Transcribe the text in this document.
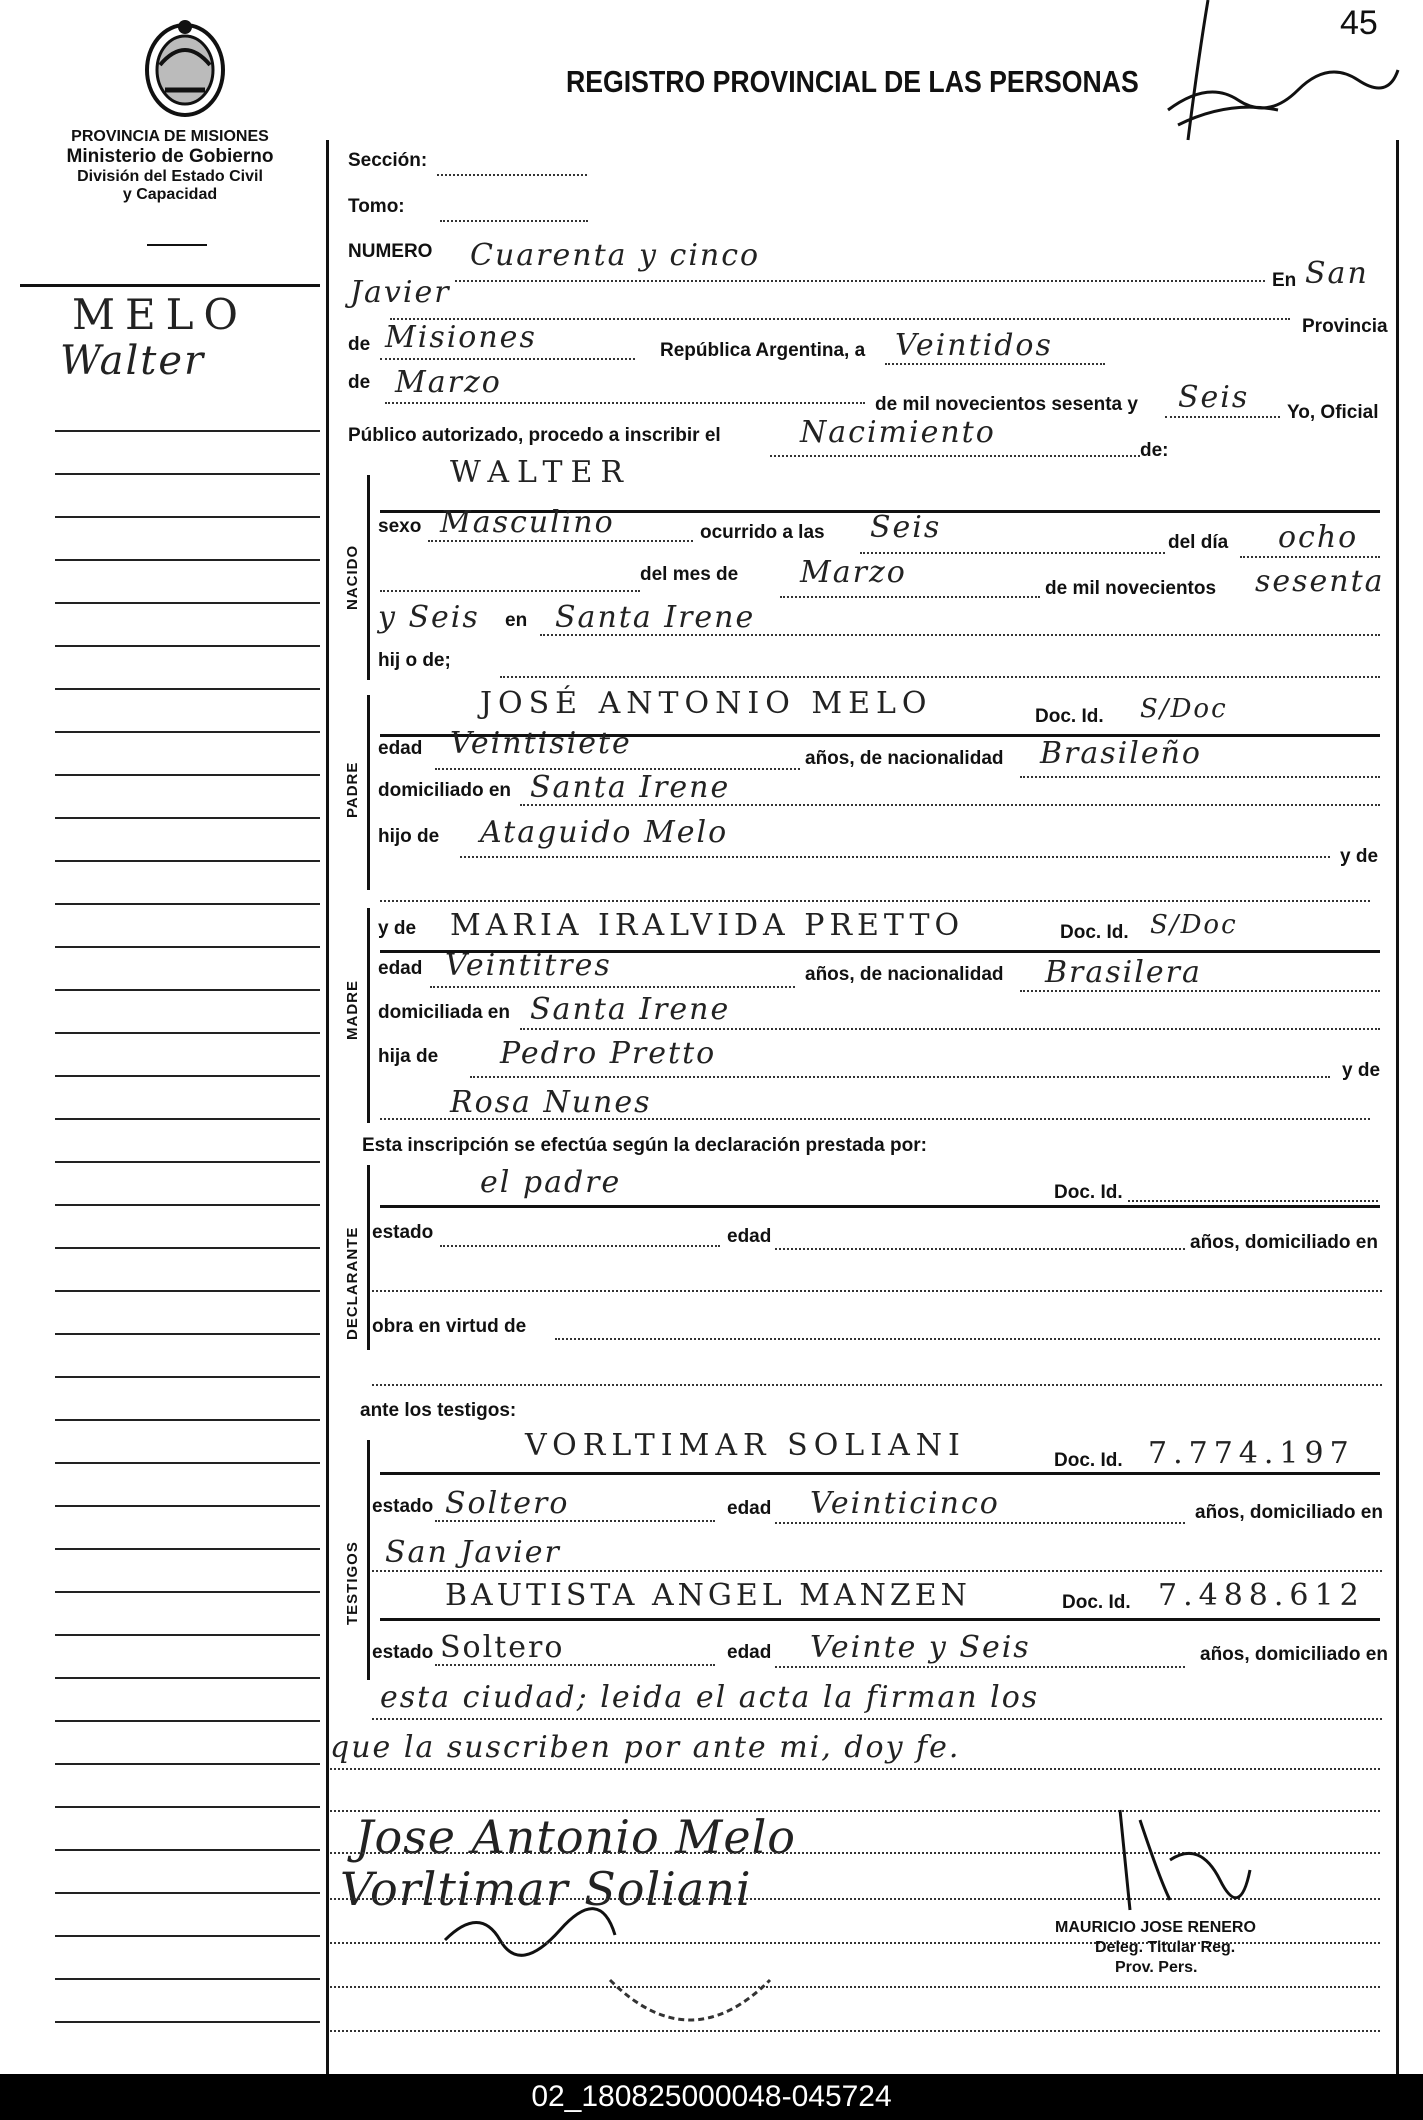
45
PROVINCIA DE MISIONES
Ministerio de Gobierno
División del Estado Civil
y Capacidad
REGISTRO PROVINCIAL DE LAS PERSONAS
MELO
Walter
Sección:
Tomo:
NUMERO Cuarenta y cinco
En San
Javier
Provincia
de Misiones	República Argentina, a Veintidos
de Marzo
de mil novecientos sesenta y Seis Yo, Oficial
Público autorizado, procedo a inscribir el	Nacimiento
de:
NACIDO
WALTER
sexo Masculino	ocurrido a las Seis	del día ocho
del mes de Marzo	de mil novecientos sesenta
y Seis en Santa Irene
hij o de;
PADRE
JOSÉ ANTONIO MELO	Doc. Id. S/Doc
edad Veintisiete	años, de nacionalidad Brasileño
domiciliado en Santa Irene
hijo de Ataguido Melo
y de
MADRE
y de MARIA IRALVIDA PRETTO	Doc. Id. S/Doc
edad Veintitres	años, de nacionalidad Brasilera
domiciliada en Santa Irene
hija de Pedro Pretto	y de
Rosa Nunes
Esta inscripción se efectúa según la declaración prestada por:
DECLARANTE
el padre	Doc. Id.
estado	edad	años, domiciliado en
obra en virtud de
ante los testigos:
TESTIGOS
VORLTIMAR SOLIANI	Doc. Id. 7.774.197
estado Soltero	edad Veinticinco	años, domiciliado en
San Javier
BAUTISTA ANGEL MANZEN	Doc. Id. 7.488.612
estado Soltero	edad Veinte y Seis	años, domiciliado en
esta ciudad; leida el acta la firman los
que la suscriben por ante mi, doy fe.
Jose Antonio Melo
Vorltimar Soliani
MAURICIO JOSE RENERO
Deleg. Titular Reg.
Prov. Pers.
02_180825000048-045724
